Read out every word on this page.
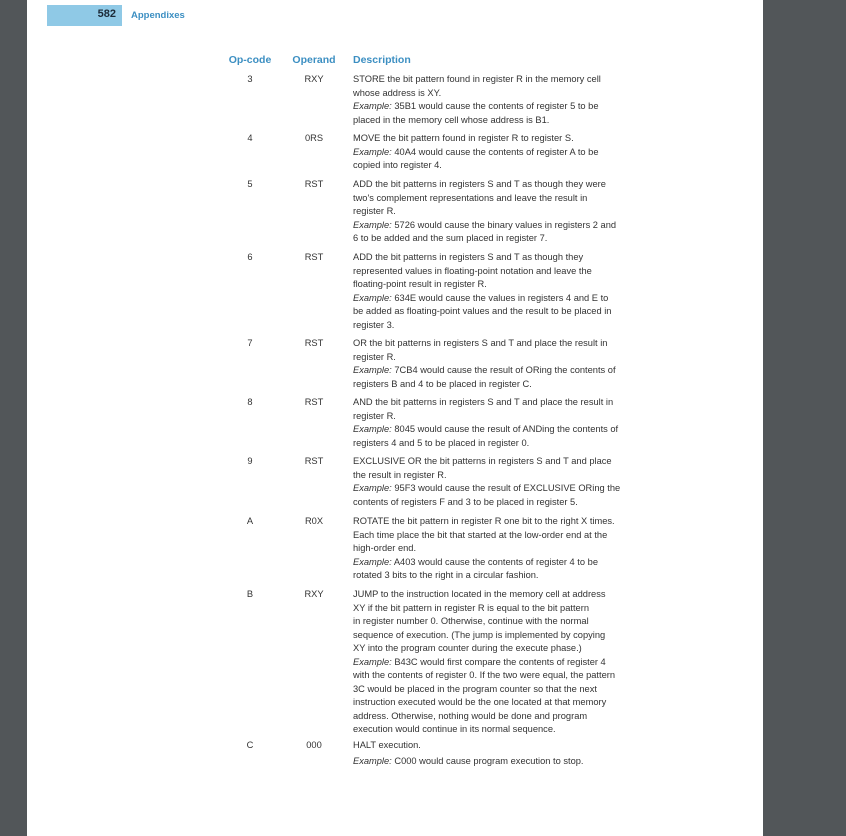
582 Appendixes
Op-code	Operand	Description
3	RXY	STORE the bit pattern found in register R in the memory cell
whose address is XY.
Example: 35B1 would cause the contents of register 5 to be
placed in the memory cell whose address is B1.
4	0RS	MOVE the bit pattern found in register R to register S.
Example: 40A4 would cause the contents of register A to be
copied into register 4.
5	RST	ADD the bit patterns in registers S and T as though they were
two's complement representations and leave the result in
register R.
Example: 5726 would cause the binary values in registers 2 and
6 to be added and the sum placed in register 7.
6	RST	ADD the bit patterns in registers S and T as though they
represented values in floating-point notation and leave the
floating-point result in register R.
Example: 634E would cause the values in registers 4 and E to
be added as floating-point values and the result to be placed in
register 3.
7	RST	OR the bit patterns in registers S and T and place the result in
register R.
Example: 7CB4 would cause the result of ORing the contents of
registers B and 4 to be placed in register C.
8	RST	AND the bit patterns in registers S and T and place the result in
register R.
Example: 8045 would cause the result of ANDing the contents of
registers 4 and 5 to be placed in register 0.
9	RST	EXCLUSIVE OR the bit patterns in registers S and T and place
the result in register R.
Example: 95F3 would cause the result of EXCLUSIVE ORing the
contents of registers F and 3 to be placed in register 5.
A	R0X	ROTATE the bit pattern in register R one bit to the right X times.
Each time place the bit that started at the low-order end at the
high-order end.
Example: A403 would cause the contents of register 4 to be
rotated 3 bits to the right in a circular fashion.
B	RXY	JUMP to the instruction located in the memory cell at address
XY if the bit pattern in register R is equal to the bit pattern
in register number 0. Otherwise, continue with the normal
sequence of execution. (The jump is implemented by copying
XY into the program counter during the execute phase.)
Example: B43C would first compare the contents of register 4
with the contents of register 0. If the two were equal, the pattern
3C would be placed in the program counter so that the next
instruction executed would be the one located at that memory
address. Otherwise, nothing would be done and program
execution would continue in its normal sequence.
C	000	HALT execution.
Example: C000 would cause program execution to stop.
